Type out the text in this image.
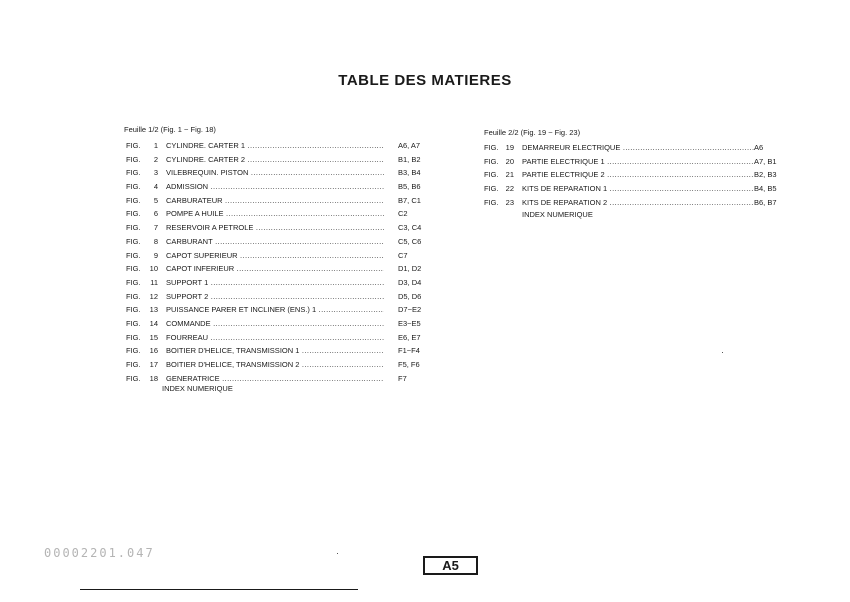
TABLE DES MATIERES
Feuille 1/2 (Fig. 1 ~ Fig. 18)
FIG.	1 CYLINDRE. CARTER 1 .....	A6, A7
FIG.	2 CYLINDRE. CARTER 2 .....	B1, B2
FIG.	3 VILEBREQUIN. PISTON .....	B3, B4
FIG.	4 ADMISSION .....	B5, B6
FIG.	5 CARBURATEUR .....	B7, C1
FIG.	6 POMPE A HUILE .....	C2
FIG.	7 RESERVOIR A PETROLE .....	C3, C4
FIG.	8 CARBURANT .....	C5, C6
FIG.	9 CAPOT SUPERIEUR .....	C7
FIG.	10 CAPOT INFERIEUR .....	D1, D2
FIG.	11 SUPPORT 1 .....	D3, D4
FIG.	12 SUPPORT 2 .....	D5, D6
FIG.	13 PUISSANCE PARER ET INCLINER (ENS.) 1 .....	D7~E2
FIG.	14 COMMANDE .....	E3~E5
FIG.	15 FOURREAU .....	E6, E7
FIG.	16 BOITIER D'HELICE, TRANSMISSION 1 .....	F1~F4
FIG.	17 BOITIER D'HELICE, TRANSMISSION 2 .....	F5, F6
FIG.	18 GENERATRICE .....	F7
INDEX NUMERIQUE
Feuille 2/2 (Fig. 19 ~ Fig. 23)
FIG. 19 DEMARREUR ELECTRIQUE .....	A6
FIG. 20 PARTIE ELECTRIQUE 1 .....	A7, B1
FIG. 21 PARTIE ELECTRIQUE 2 .....	B2, B3
FIG. 22 KITS DE REPARATION 1 .....	B4, B5
FIG. 23 KITS DE REPARATION 2 .....	B6, B7
INDEX NUMERIQUE
00002201.047
A5
